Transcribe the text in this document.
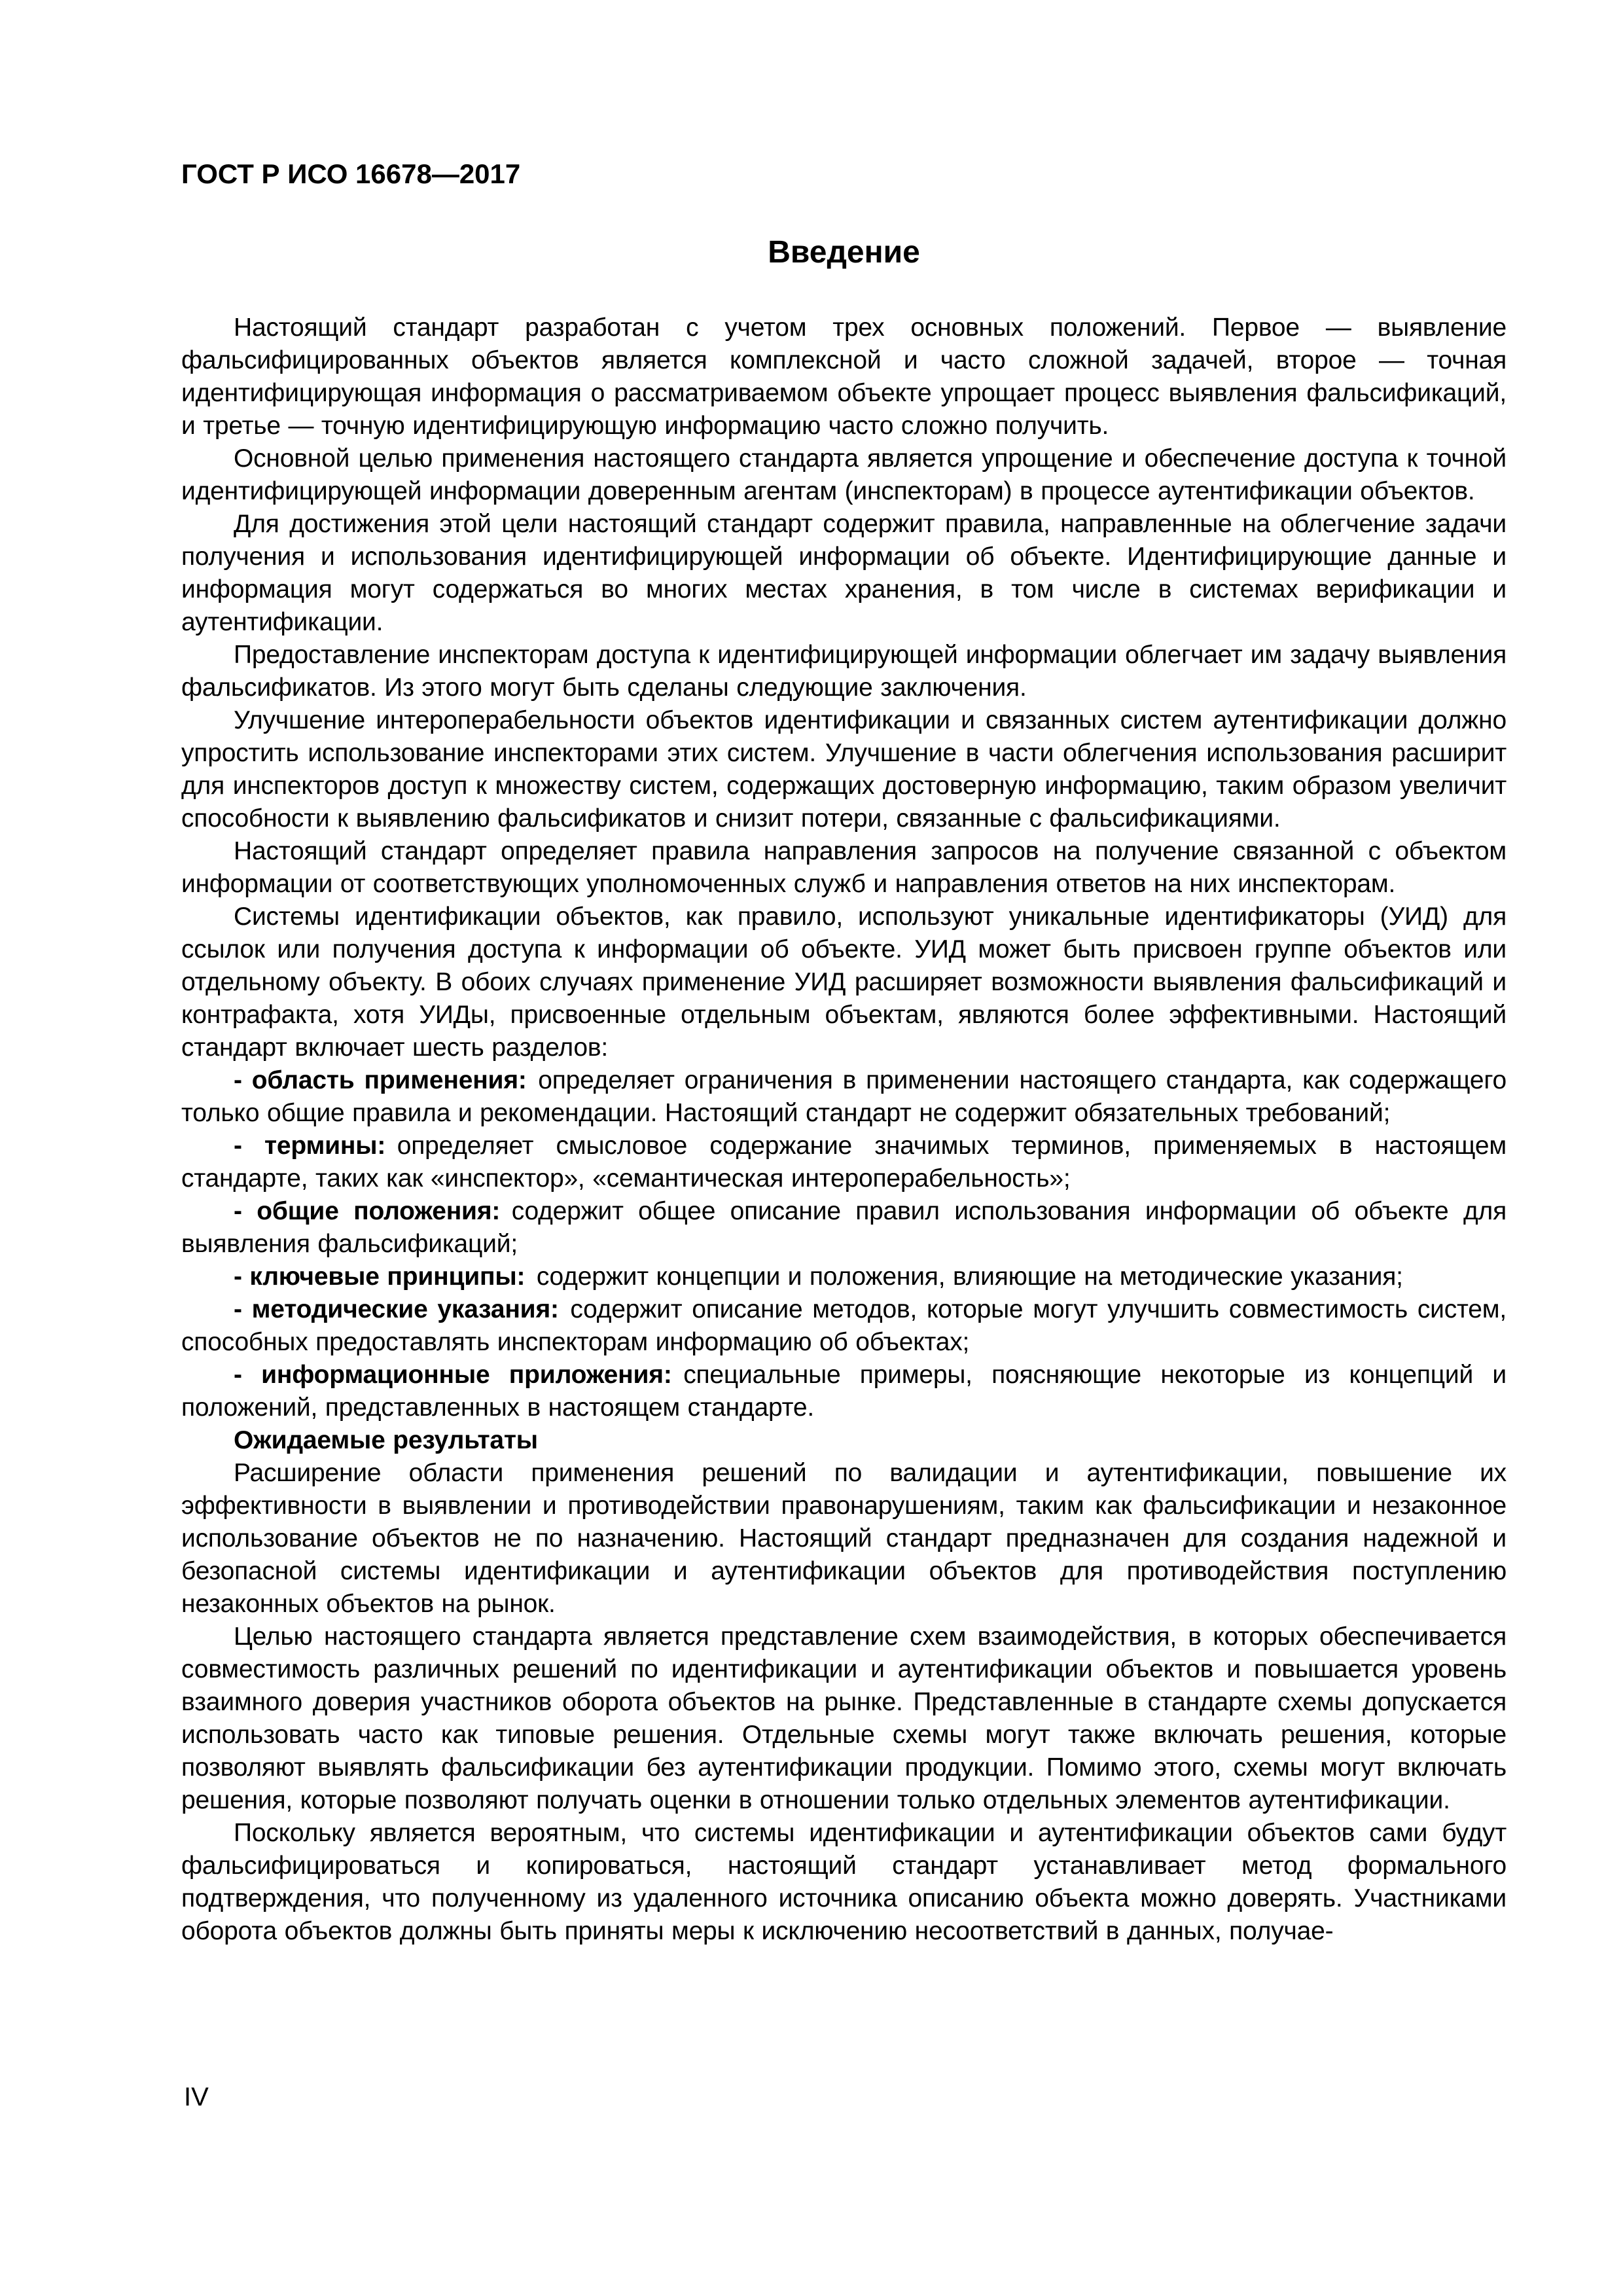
ГОСТ Р ИСО 16678—2017
Введение

Настоящий стандарт разработан с учетом трех основных положений. Первое — выявление фальсифицированных объектов является комплексной и часто сложной задачей, второе — точная идентифицирующая информация о рассматриваемом объекте упрощает процесс выявления фальсификаций, и третье — точную идентифицирующую информацию часто сложно получить.

Основной целью применения настоящего стандарта является упрощение и обеспечение доступа к точной идентифицирующей информации доверенным агентам (инспекторам) в процессе аутентификации объектов.

Для достижения этой цели настоящий стандарт содержит правила, направленные на облегчение задачи получения и использования идентифицирующей информации об объекте. Идентифицирующие данные и информация могут содержаться во многих местах хранения, в том числе в системах верификации и аутентификации.

Предоставление инспекторам доступа к идентифицирующей информации облегчает им задачу выявления фальсификатов. Из этого могут быть сделаны следующие заключения.

Улучшение интероперабельности объектов идентификации и связанных систем аутентификации должно упростить использование инспекторами этих систем. Улучшение в части облегчения использования расширит для инспекторов доступ к множеству систем, содержащих достоверную информацию, таким образом увеличит способности к выявлению фальсификатов и снизит потери, связанные с фальсификациями.

Настоящий стандарт определяет правила направления запросов на получение связанной с объектом информации от соответствующих уполномоченных служб и направления ответов на них инспекторам.

Системы идентификации объектов, как правило, используют уникальные идентификаторы (УИД) для ссылок или получения доступа к информации об объекте. УИД может быть присвоен группе объектов или отдельному объекту. В обоих случаях применение УИД расширяет возможности выявления фальсификаций и контрафакта, хотя УИДы, присвоенные отдельным объектам, являются более эффективными. Настоящий стандарт включает шесть разделов:

- область применения: определяет ограничения в применении настоящего стандарта, как содержащего только общие правила и рекомендации. Настоящий стандарт не содержит обязательных требований;

- термины: определяет смысловое содержание значимых терминов, применяемых в настоящем стандарте, таких как «инспектор», «семантическая интероперабельность»;

- общие положения: содержит общее описание правил использования информации об объекте для выявления фальсификаций;

- ключевые принципы: содержит концепции и положения, влияющие на методические указания;

- методические указания: содержит описание методов, которые могут улучшить совместимость систем, способных предоставлять инспекторам информацию об объектах;

- информационные приложения: специальные примеры, поясняющие некоторые из концепций и положений, представленных в настоящем стандарте.

Ожидаемые результаты

Расширение области применения решений по валидации и аутентификации, повышение их эффективности в выявлении и противодействии правонарушениям, таким как фальсификации и незаконное использование объектов не по назначению. Настоящий стандарт предназначен для создания надежной и безопасной системы идентификации и аутентификации объектов для противодействия поступлению незаконных объектов на рынок.

Целью настоящего стандарта является представление схем взаимодействия, в которых обеспечивается совместимость различных решений по идентификации и аутентификации объектов и повышается уровень взаимного доверия участников оборота объектов на рынке. Представленные в стандарте схемы допускается использовать часто как типовые решения. Отдельные схемы могут также включать решения, которые позволяют выявлять фальсификации без аутентификации продукции. Помимо этого, схемы могут включать решения, которые позволяют получать оценки в отношении только отдельных элементов аутентификации.

Поскольку является вероятным, что системы идентификации и аутентификации объектов сами будут фальсифицироваться и копироваться, настоящий стандарт устанавливает метод формального подтверждения, что полученному из удаленного источника описанию объекта можно доверять. Участниками оборота объектов должны быть приняты меры к исключению несоответствий в данных, получае-

IV
